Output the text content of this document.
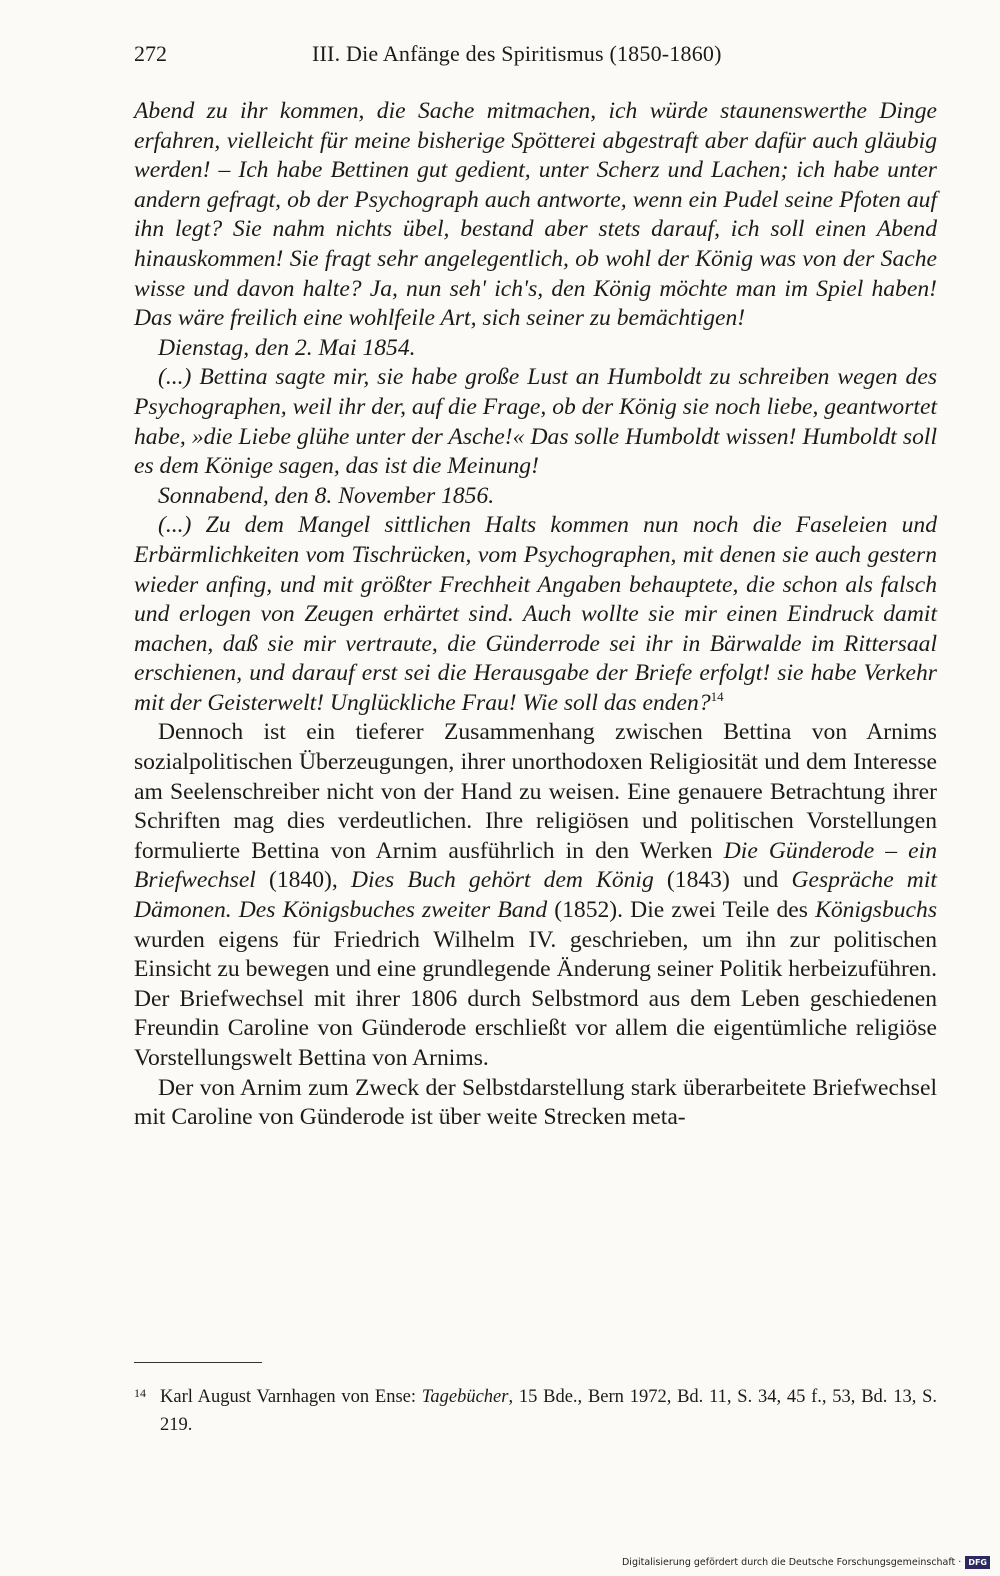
272	III. Die Anfänge des Spiritismus (1850-1860)

Abend zu ihr kommen, die Sache mitmachen, ich würde staunenswerthe Dinge erfahren, vielleicht für meine bisherige Spötterei abgestraft aber dafür auch gläubig werden! – Ich habe Bettinen gut gedient, unter Scherz und Lachen; ich habe unter andern gefragt, ob der Psychograph auch antworte, wenn ein Pudel seine Pfoten auf ihn legt? Sie nahm nichts übel, bestand aber stets darauf, ich soll einen Abend hinauskommen! Sie fragt sehr angelegentlich, ob wohl der König was von der Sache wisse und davon halte? Ja, nun seh' ich's, den König möchte man im Spiel haben! Das wäre freilich eine wohlfeile Art, sich seiner zu bemächtigen!

Dienstag, den 2. Mai 1854.

(...) Bettina sagte mir, sie habe große Lust an Humboldt zu schreiben wegen des Psychographen, weil ihr der, auf die Frage, ob der König sie noch liebe, geantwortet habe, »die Liebe glühe unter der Asche!« Das solle Humboldt wissen! Humboldt soll es dem Könige sagen, das ist die Meinung!

Sonnabend, den 8. November 1856.

(...) Zu dem Mangel sittlichen Halts kommen nun noch die Faseleien und Erbärmlichkeiten vom Tischrücken, vom Psychographen, mit denen sie auch gestern wieder anfing, und mit größter Frechheit Angaben behauptete, die schon als falsch und erlogen von Zeugen erhärtet sind. Auch wollte sie mir einen Eindruck damit machen, daß sie mir vertraute, die Günderrode sei ihr in Bärwalde im Rittersaal erschienen, und darauf erst sei die Herausgabe der Briefe erfolgt! sie habe Verkehr mit der Geisterwelt! Unglückliche Frau! Wie soll das enden?$^{14}$

Dennoch ist ein tieferer Zusammenhang zwischen Bettina von Arnims sozialpolitischen Überzeugungen, ihrer unorthodoxen Religiosität und dem Interesse am Seelenschreiber nicht von der Hand zu weisen. Eine genauere Betrachtung ihrer Schriften mag dies verdeutlichen. Ihre religiösen und politischen Vorstellungen formulierte Bettina von Arnim ausführlich in den Werken Die Günderode – ein Briefwechsel (1840), Dies Buch gehört dem König (1843) und Gespräche mit Dämonen. Des Königsbuches zweiter Band (1852). Die zwei Teile des Königsbuchs wurden eigens für Friedrich Wilhelm IV. geschrieben, um ihn zur politischen Einsicht zu bewegen und eine grundlegende Änderung seiner Politik herbeizuführen. Der Briefwechsel mit ihrer 1806 durch Selbstmord aus dem Leben geschiedenen Freundin Caroline von Günderode erschließt vor allem die eigentümliche religiöse Vorstellungswelt Bettina von Arnims.

Der von Arnim zum Zweck der Selbstdarstellung stark überarbeitete Briefwechsel mit Caroline von Günderode ist über weite Strecken meta-

14 Karl August Varnhagen von Ense: Tagebücher, 15 Bde., Bern 1972, Bd. 11, S. 34, 45 f., 53, Bd. 13, S. 219.
Digitalisierung gefördert durch die Deutsche Forschungsgemeinschaft · DFG
